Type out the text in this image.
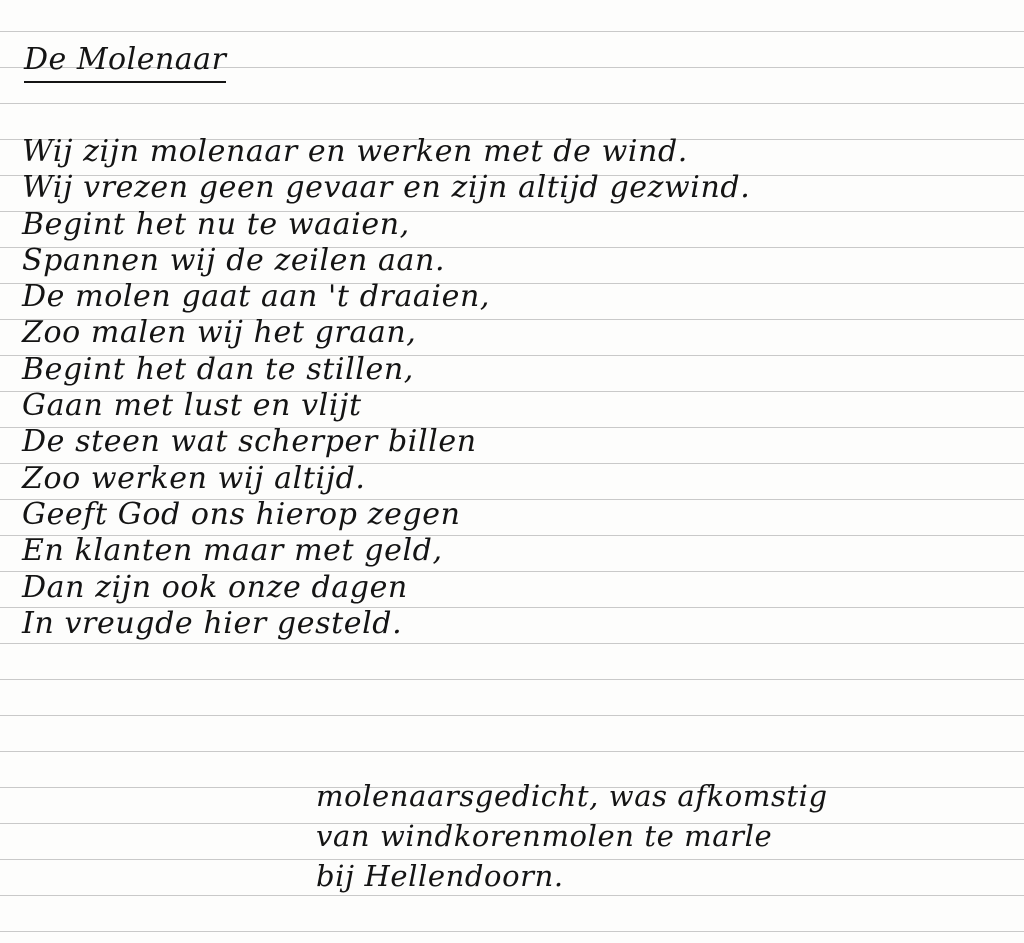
De Molenaar
Wij zijn molenaar en werken met de wind.
Wij vrezen geen gevaar en zijn altijd gezwind.
Begint het nu te waaien,
Spannen wij de zeilen aan.
De molen gaat aan 't draaien,
Zoo malen wij het graan,
Begint het dan te stillen,
Gaan met lust en vlijt
De steen wat scherper billen
Zoo werken wij altijd.
Geeft God ons hierop zegen
En klanten maar met geld,
Dan zijn ook onze dagen
In vreugde hier gesteld.
molenaarsgedicht, was afkomstig
van windkorenmolen te marle
bij Hellendoorn.
